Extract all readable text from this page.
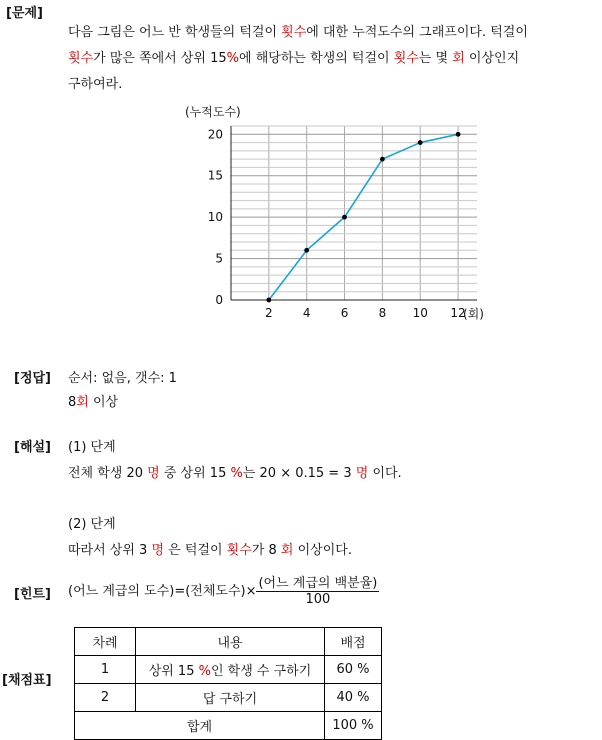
[문제]
다음 그림은 어느 반 학생들의 턱걸이 횟수에 대한 누적도수의 그래프이다. 턱걸이
횟수가 많은 쪽에서 상위 15%에 해당하는 학생의 턱걸이 횟수는 몇 회 이상인지
구하여라.
2	4	6	8 10 12
0
5
10
15
20
(누적도수)
(회)
[정답] 순서: 없음, 갯수: 1
8회 이상
[해설] (1) 단계
전체 학생 20 명 중 상위 15 %는 20 × 0.15 = 3 명 이다.
(2) 단계
따라서 상위 3 명 은 턱걸이 횟수가 8 회 이상이다.
[힌트] (어느 계급의 도수)=(전체도수)× $\frac{\text{(어느 계급의 백분율)}}{100}$
[채점표]
차례	내용	배점
1	상위 15 %인 학생 수 구하기	60 %
2	답 구하기	40 %
합계		100 %
